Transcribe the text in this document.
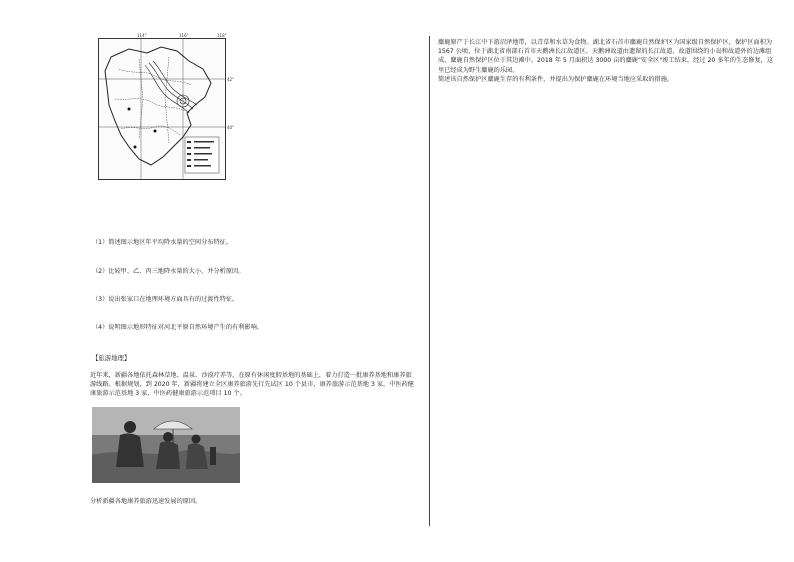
114°	116°	118°
42°
40°
（1）简述图示地区年平均降水量的空间分布特征。
（2）比较甲、乙、丙三地降水量的大小，并分析原因。
（3）说出张家口在地理环境方面具有的过渡性特征。
（4）说明图示地形特征对河北平原自然环境产生的有利影响。
【旅游地理】
近年来，新疆各地依托森林草地、温泉、沙漠疗养等，在原有休闲度假基地的基础上，着力打造一批康养基地和康养旅游线路。根据规划，到 2020 年，新疆将建立全区康养旅游先行先试区 10 个县市，康养旅游示范基地 3 家，中医药健康旅游示范基地 3 家，中医药健康旅游示范项目 10 个。
分析新疆各地康养旅游迅速发展的原因。
麋鹿原产于长江中下游沼泽地带，以青草和水草为食物。湖北省石首市麋鹿自然保护区为国家级自然保护区，保护区面积为 1567 公顷，位于湖北省南部石首市天鹅洲长江故道区。天鹅洲故道由遗留的长江故道、故道围绕的小岛和故道外的边滩组成，麋鹿自然保护区位于其边滩中。2018 年 5 月面积达 3000 亩的麋鹿"安全区"竣工结束，经过 20 多年的生态修复，这里已经成为野生麋鹿的乐园。
简述该自然保护区麋鹿生存的有利条件，并提出为保护麋鹿在环境当地应采取的措施。
